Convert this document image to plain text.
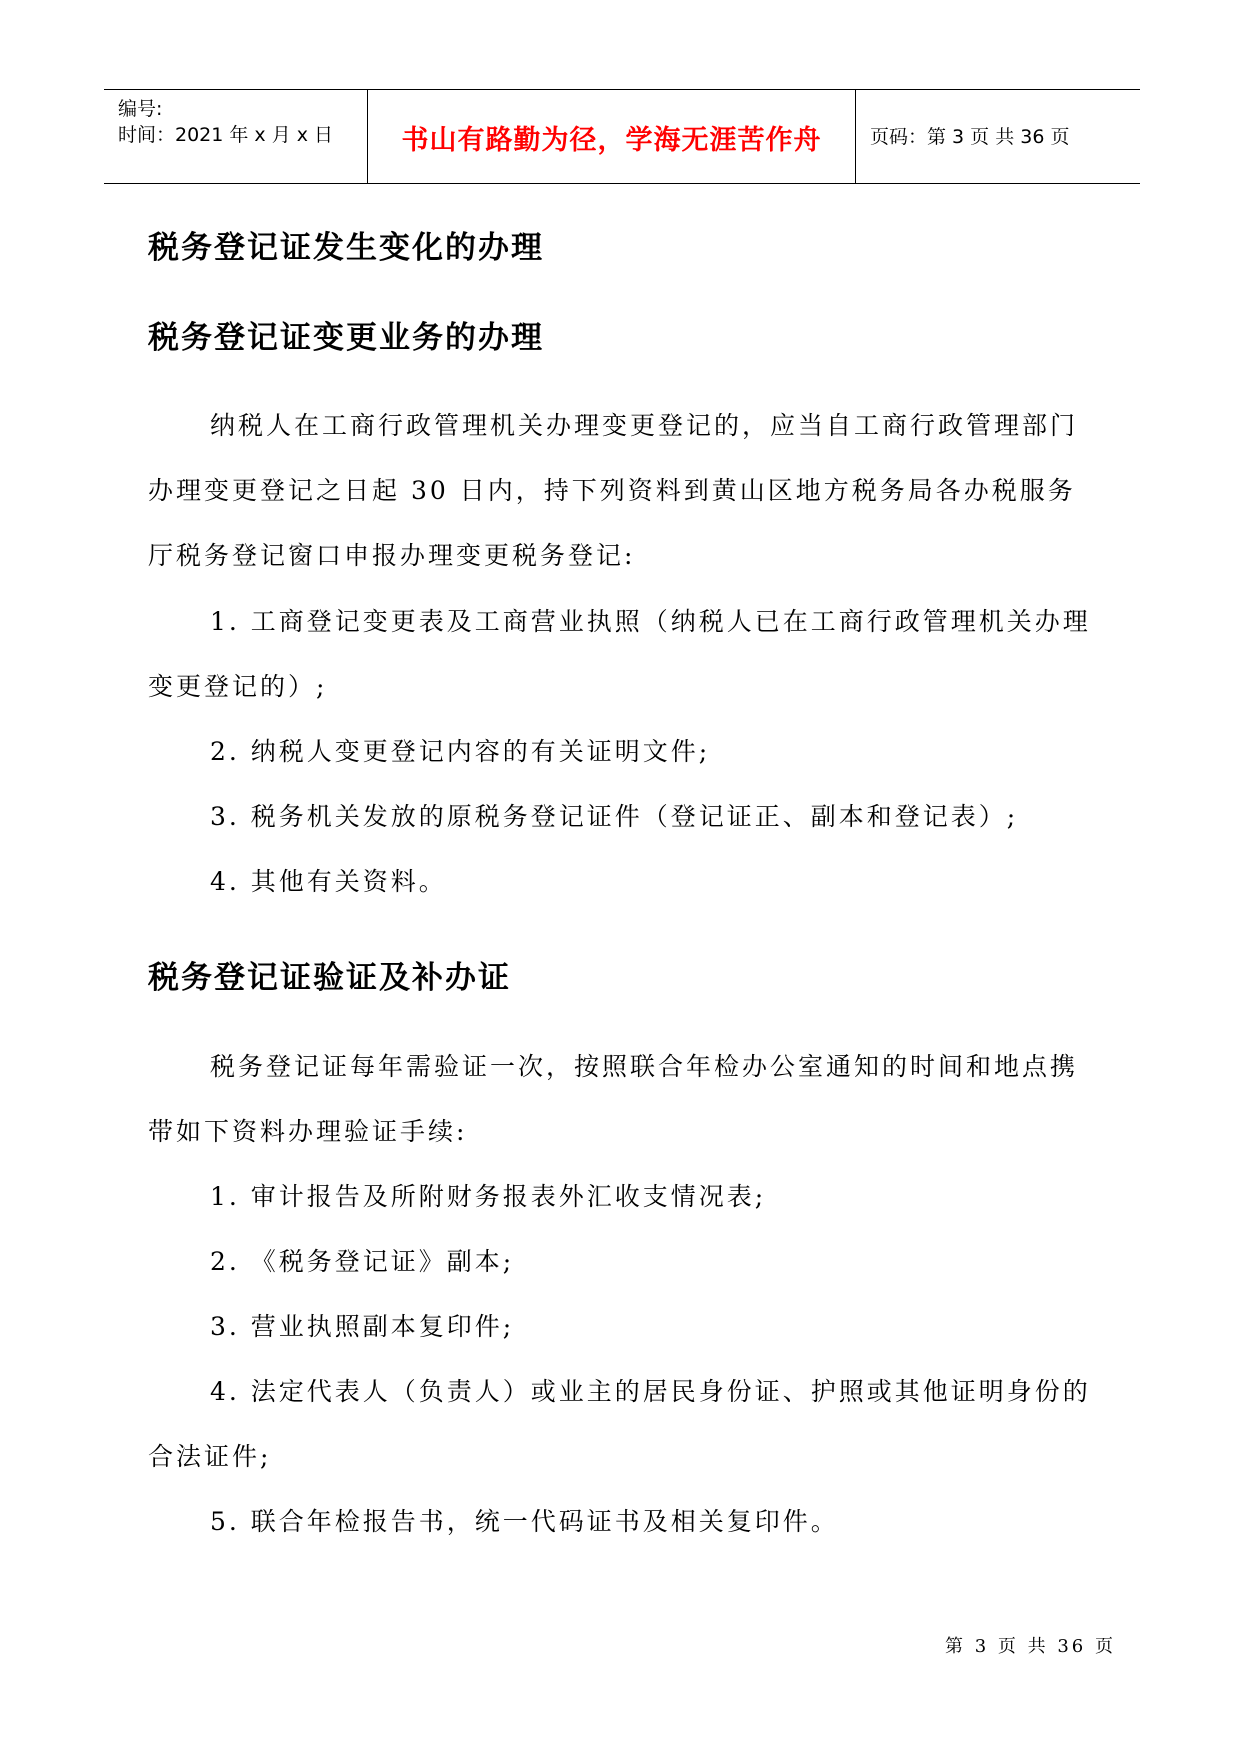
编号:
时间：2021 年 x 月 x 日	书山有路勤为径，学海无涯苦作舟	页码：第 3 页 共 36 页
税务登记证发生变化的办理
税务登记证变更业务的办理
纳税人在工商行政管理机关办理变更登记的，应当自工商行政管理部门办理变更登记之日起 30 日内，持下列资料到黄山区地方税务局各办税服务厅税务登记窗口申报办理变更税务登记:
1. 工商登记变更表及工商营业执照（纳税人已在工商行政管理机关办理变更登记的）;
2. 纳税人变更登记内容的有关证明文件;
3. 税务机关发放的原税务登记证件（登记证正、副本和登记表）;
4. 其他有关资料。
税务登记证验证及补办证
税务登记证每年需验证一次，按照联合年检办公室通知的时间和地点携带如下资料办理验证手续:
1. 审计报告及所附财务报表外汇收支情况表;
2. 《税务登记证》副本;
3. 营业执照副本复印件;
4. 法定代表人（负责人）或业主的居民身份证、护照或其他证明身份的合法证件;
5. 联合年检报告书，统一代码证书及相关复印件。
第 3 页 共 36 页
